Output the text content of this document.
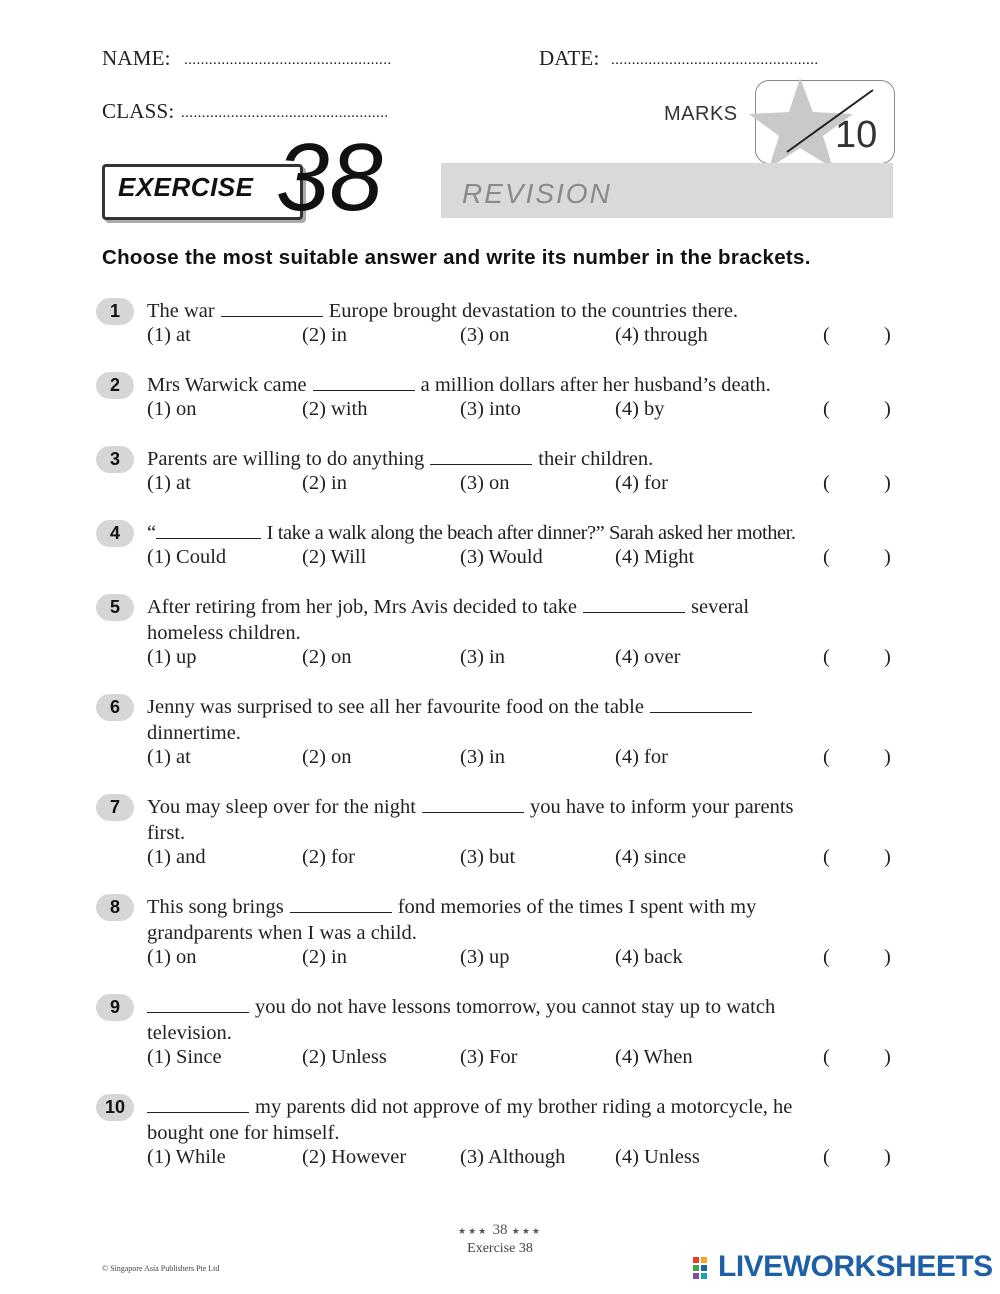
NAME: ..................................................	DATE: ..................................................
CLASS: ..................................................	MARKS	10
EXERCISE 38	REVISION
Choose the most suitable answer and write its number in the brackets.
1	The war	Europe brought devastation to the countries there.
(1) at	(2) in	(3) on	(4) through	(	)
2	Mrs Warwick came	a million dollars after her husband’s death.
(1) on	(2) with	(3) into	(4) by	(	)
3	Parents are willing to do anything	their children.
(1) at	(2) in	(3) on	(4) for	(	)
4	“	I take a walk along the beach after dinner?” Sarah asked her mother.
(1) Could	(2) Will	(3) Would	(4) Might	(	)
5	After retiring from her job, Mrs Avis decided to take	several
homeless children.
(1) up	(2) on	(3) in	(4) over	(	)
6	Jenny was surprised to see all her favourite food on the table
dinnertime.
(1) at	(2) on	(3) in	(4) for	(	)
7	You may sleep over for the night	you have to inform your parents
first.
(1) and	(2) for	(3) but	(4) since	(	)
8	This song brings	fond memories of the times I spent with my
grandparents when I was a child.
(1) on	(2) in	(3) up	(4) back	(	)
9	you do not have lessons tomorrow, you cannot stay up to watch
television.
(1) Since	(2) Unless	(3) For	(4) When	(	)
10	my parents did not approve of my brother riding a motorcycle, he
bought one for himself.
(1) While	(2) However	(3) Although (4) Unless	(	)
★★★ 38 ★★★
Exercise 38
© Singapore Asia Publishers Pte Ltd	LIVEWORKSHEETS
